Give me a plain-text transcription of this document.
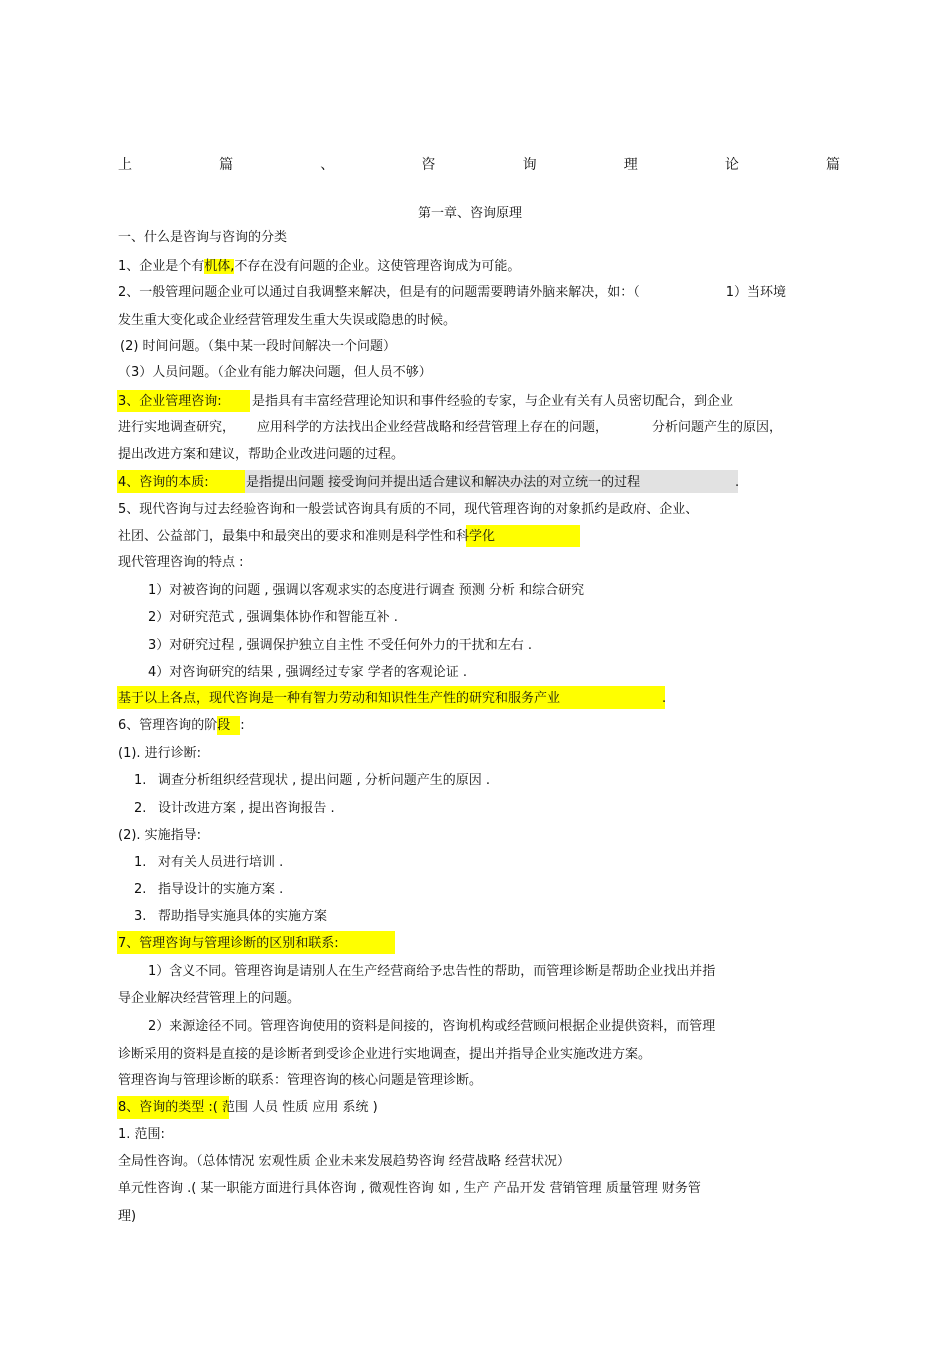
上	篇	、	咨	询	理	论	篇
第一章、咨询原理
一、什么是咨询与咨询的分类
1、企业是个有机体,不存在没有问题的企业。这使管理咨询成为可能。
2、一般管理问题企业可以通过自我调整来解决，但是有的问题需要聘请外脑来解决，如：（	1）当环境
发生重大变化或企业经营管理发生重大失误或隐患的时候。
(2) 时间问题。（集中某一段时间解决一个问题）
（3）人员问题。（企业有能力解决问题，但人员不够）
3、企业管理咨询: 是指具有丰富经营理论知识和事件经验的专家，与企业有关有人员密切配合，到企业
进行实地调查研究， 应用科学的方法找出企业经营战略和经营管理上存在的问题，	分析问题产生的原因，
提出改进方案和建议，帮助企业改进问题的过程。
4、咨询的本质:	是指提出问题 接受询问并提出适合建议和解决办法的对立统一的过程	.
5、现代咨询与过去经验咨询和一般尝试咨询具有质的不同，现代管理咨询的对象抓约是政府、企业、
社团、公益部门，最集中和最突出的要求和准则是科学性和科学化
现代管理咨询的特点 :
1）对被咨询的问题 , 强调以客观求实的态度进行调查 预测 分析 和综合研究
2）对研究范式 , 强调集体协作和智能互补 .
3）对研究过程 , 强调保护独立自主性 不受任何外力的干扰和左右 .
4）对咨询研究的结果 , 强调经过专家 学者的客观论证 .
基于以上各点，现代咨询是一种有智力劳动和知识性生产性的研究和服务产业	.
6、管理咨询的阶段 :
(1). 进行诊断:
1. 调查分析组织经营现状 , 提出问题 , 分析问题产生的原因 .
2. 设计改进方案 , 提出咨询报告 .
(2). 实施指导:
1. 对有关人员进行培训 .
2. 指导设计的实施方案 .
3. 帮助指导实施具体的实施方案
7、管理咨询与管理诊断的区别和联系:
1）含义不同。管理咨询是请别人在生产经营商给予忠告性的帮助，而管理诊断是帮助企业找出并指
导企业解决经营管理上的问题。
2）来源途径不同。管理咨询使用的资料是间接的，咨询机构或经营顾问根据企业提供资料，而管理
诊断采用的资料是直接的是诊断者到受诊企业进行实地调查，提出并指导企业实施改进方案。
管理咨询与管理诊断的联系：管理咨询的核心问题是管理诊断。
8、咨询的类型 :( 范围 人员 性质 应用 系统 )
1. 范围:
全局性咨询。（总体情况 宏观性质 企业未来发展趋势咨询 经营战略 经营状况）
单元性咨询 .( 某一职能方面进行具体咨询 , 微观性咨询 如 , 生产 产品开发 营销管理 质量管理 财务管
理)
